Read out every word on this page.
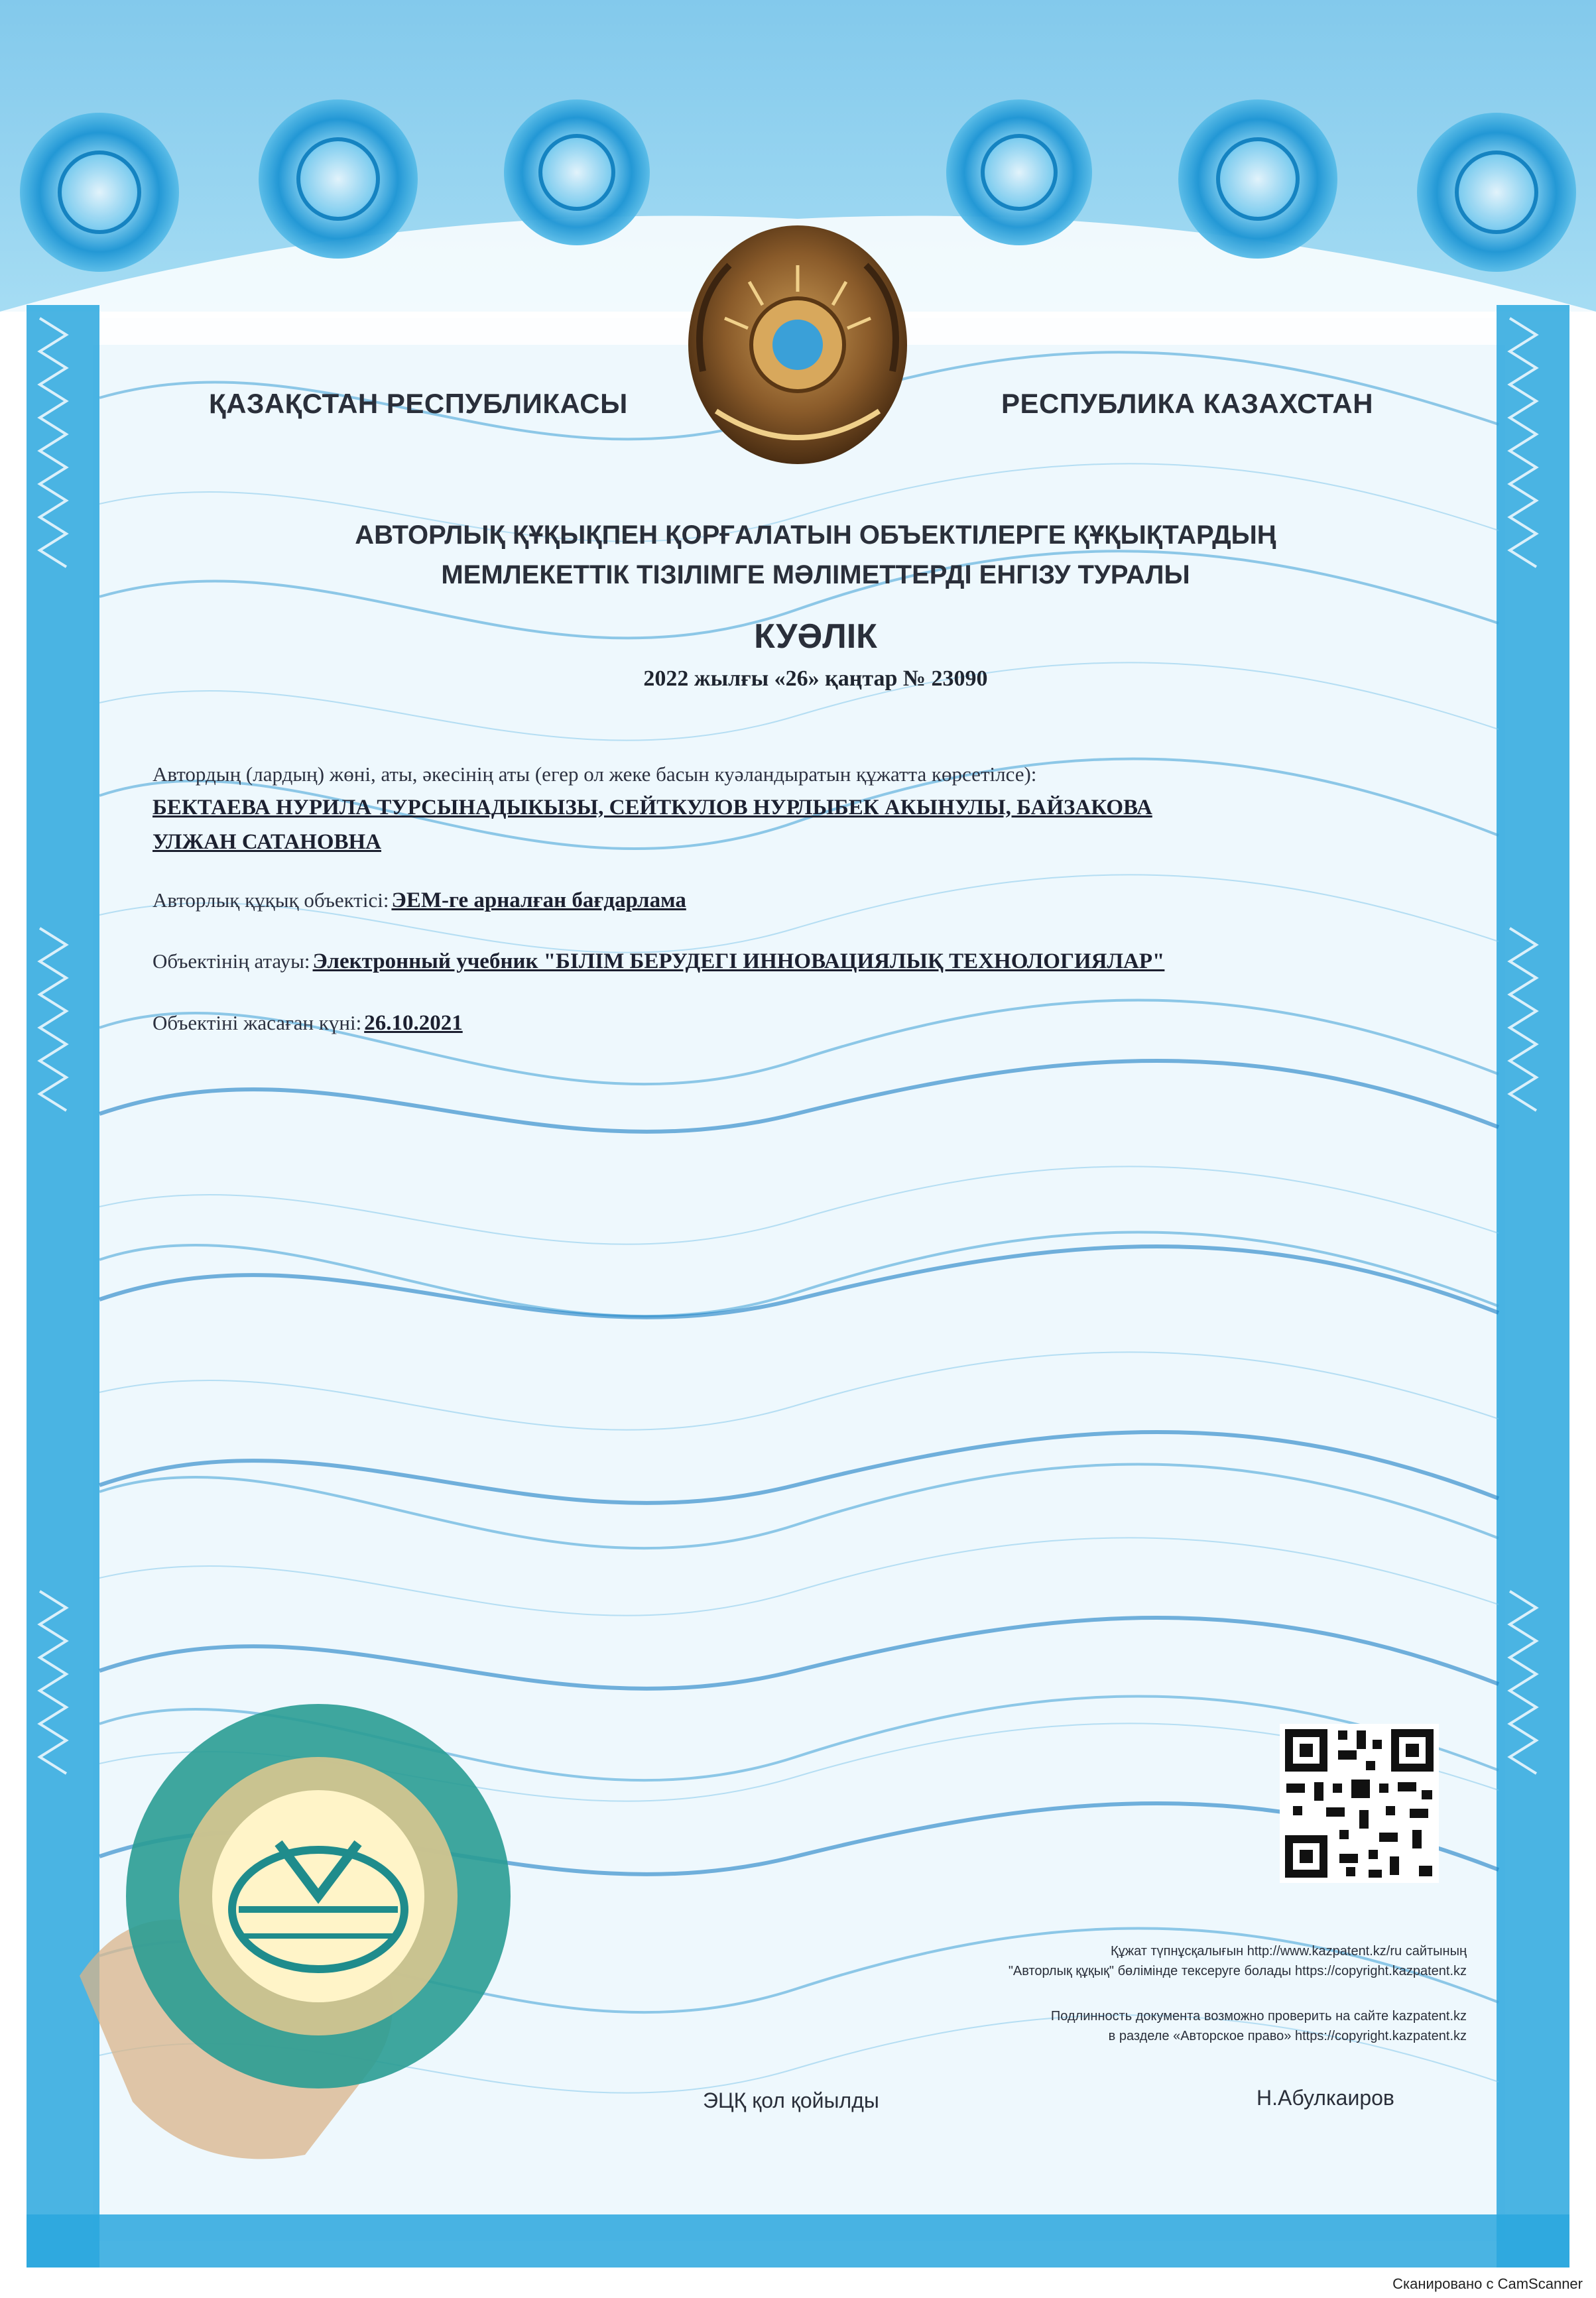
ҚАЗАҚСТАН РЕСПУБЛИКАСЫ	РЕСПУБЛИКА КАЗАХСТАН
АВТОРЛЫҚ ҚҰҚЫҚПЕН ҚОРҒАЛАТЫН ОБЪЕКТІЛЕРГЕ ҚҰҚЫҚТАРДЫҢ
МЕМЛЕКЕТТІК ТІЗІЛІМГЕ МӘЛІМЕТТЕРДІ ЕНГІЗУ ТУРАЛЫ
КУӘЛІК
2022 жылғы «26» қаңтар № 23090
Автордың (лардың) жөні, аты, әкесінің аты (егер ол жеке басын куәландыратын құжатта көрсетілсе):
БЕКТАЕВА НУРИЛА ТУРСЫНАДЫКЫЗЫ, СЕЙТКУЛОВ НУРЛЫБЕК АКЫНУЛЫ, БАЙЗАКОВА
УЛЖАН САТАНОВНА
Авторлық құқық объектісі: ЭЕМ-ге арналған бағдарлама
Объектінің атауы: Электронный учебник "БІЛІМ БЕРУДЕГІ ИННОВАЦИЯЛЫҚ ТЕХНОЛОГИЯЛАР"
Объектіні жасаған күні: 26.10.2021
Құжат түпнұсқалығын http://www.kazpatent.kz/ru сайтының
"Авторлық құқық" бөлімінде тексеруге болады https://copyright.kazpatent.kz
Подлинность документа возможно проверить на сайте kazpatent.kz
в разделе «Авторское право» https://copyright.kazpatent.kz
ЭЦҚ қол қойылды	Н.Абулкаиров
Сканировано с CamScanner
